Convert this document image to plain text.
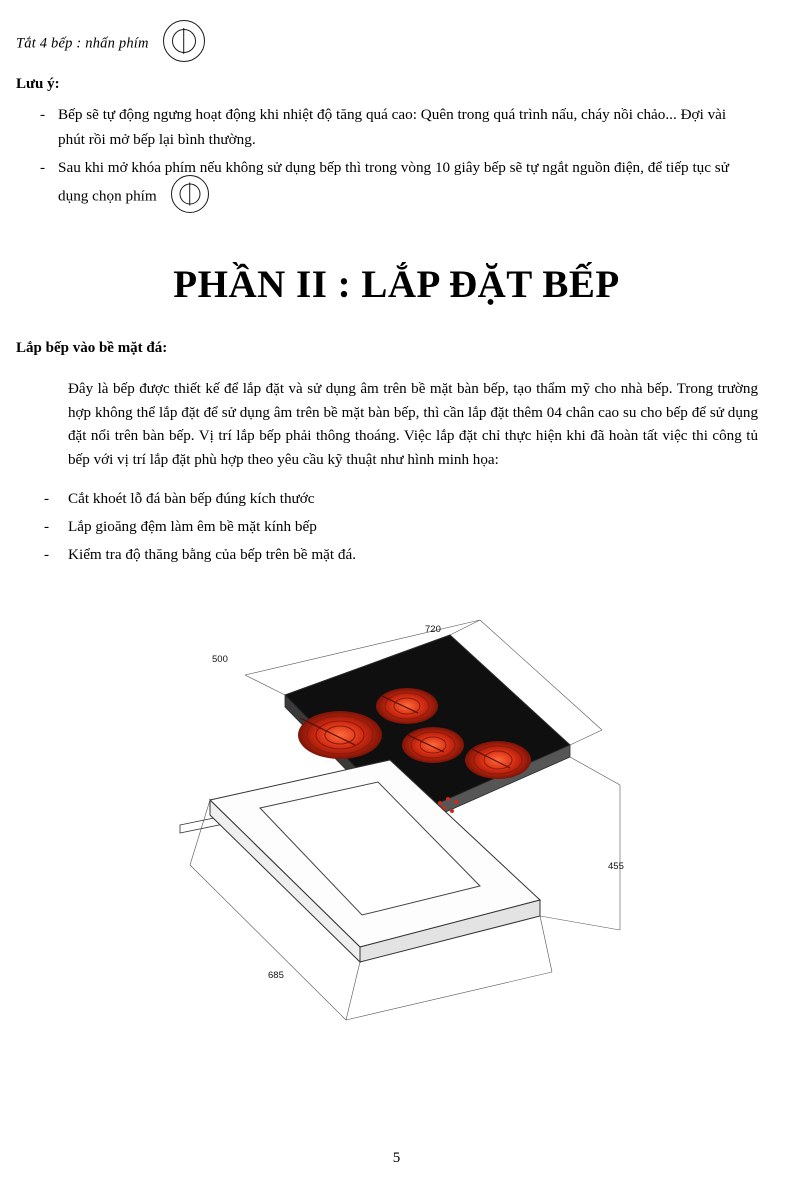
Tắt 4 bếp : nhấn phím
Lưu ý:
- Bếp sẽ tự động ngưng hoạt động khi nhiệt độ tăng quá cao: Quên trong quá trình nấu, cháy nồi chảo... Đợi vài phút rồi mở bếp lại bình thường.
- Sau khi mở khóa phím nếu không sử dụng bếp thì trong vòng 10 giây bếp sẽ tự ngắt nguồn điện, để tiếp tục sử dụng chọn phím
PHẦN II : LẮP ĐẶT BẾP
Lắp bếp vào bề mặt đá:
Đây là bếp được thiết kế để lắp đặt và sử dụng âm trên bề mặt bàn bếp, tạo thẩm mỹ cho nhà bếp. Trong trường hợp không thể lắp đặt để sử dụng âm trên bề mặt bàn bếp, thì cần lắp đặt thêm 04 chân cao su cho bếp để sử dụng đặt nổi trên bàn bếp. Vị trí lắp bếp phải thông thoáng. Việc lắp đặt chỉ thực hiện khi đã hoàn tất việc thi công tủ bếp với vị trí lắp đặt phù hợp theo yêu cầu kỹ thuật như hình minh họa:
-	Cắt khoét lỗ đá bàn bếp đúng kích thước
-	Lắp gioăng đệm làm êm bề mặt kính bếp
-	Kiểm tra độ thăng bằng của bếp trên bề mặt đá.
720
500
685
455
5
